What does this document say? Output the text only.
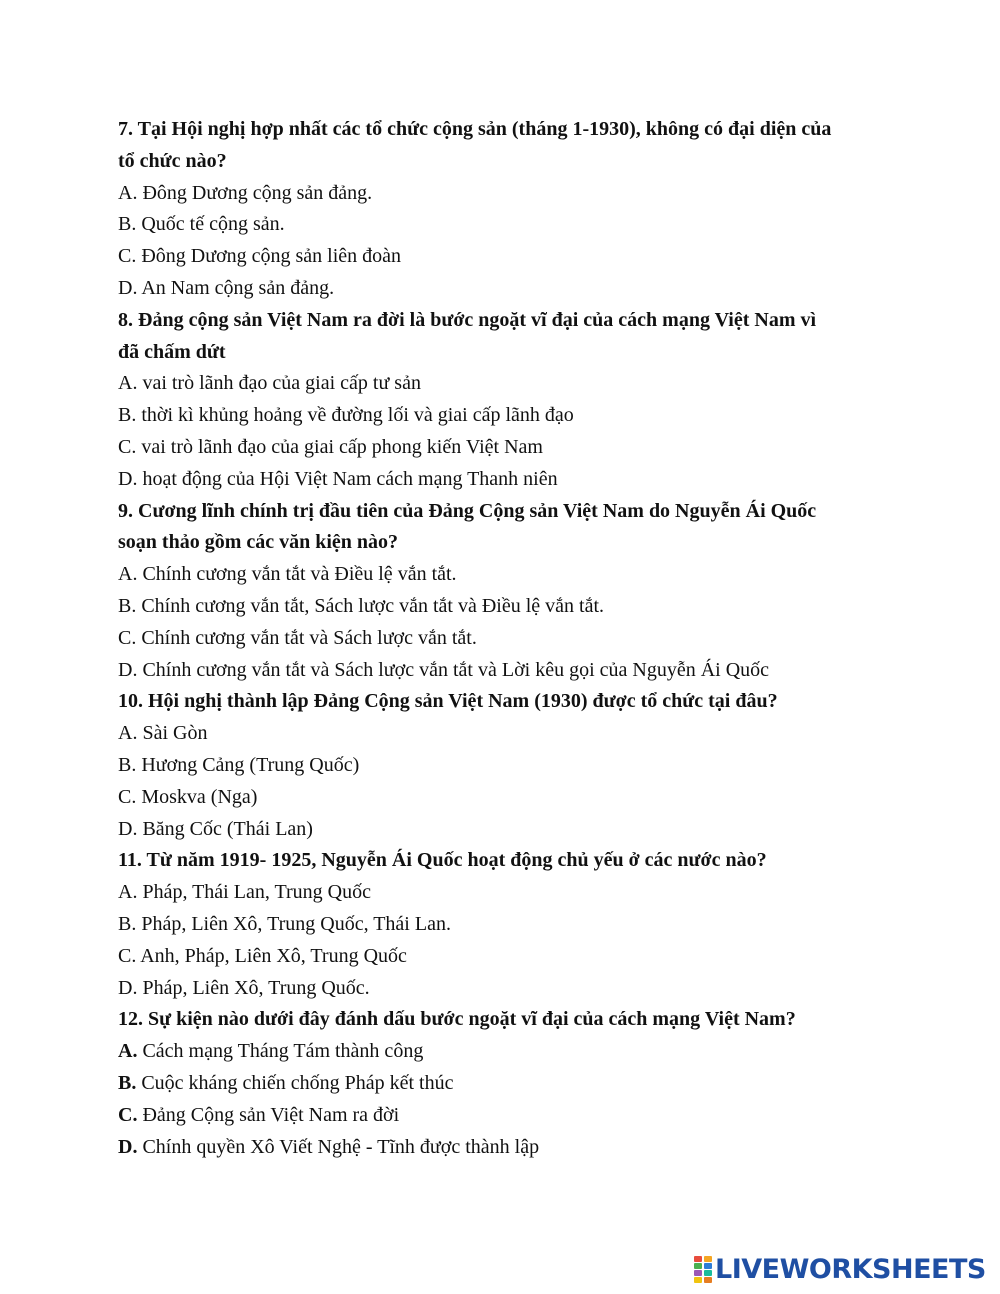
7. Tại Hội nghị hợp nhất các tổ chức cộng sản (tháng 1-1930), không có đại diện của
tổ chức nào?
A. Đông Dương cộng sản đảng.
B. Quốc tế cộng sản.
C. Đông Dương cộng sản liên đoàn
D. An Nam cộng sản đảng.
8. Đảng cộng sản Việt Nam ra đời là bước ngoặt vĩ đại của cách mạng Việt Nam vì
đã chấm dứt
A. vai trò lãnh đạo của giai cấp tư sản
B. thời kì khủng hoảng về đường lối và giai cấp lãnh đạo
C. vai trò lãnh đạo của giai cấp phong kiến Việt Nam
D. hoạt động của Hội Việt Nam cách mạng Thanh niên
9. Cương lĩnh chính trị đầu tiên của Đảng Cộng sản Việt Nam do Nguyễn Ái Quốc
soạn thảo gồm các văn kiện nào?
A. Chính cương vắn tắt và Điều lệ vắn tắt.
B. Chính cương vắn tắt, Sách lược vắn tắt và Điều lệ vắn tắt.
C. Chính cương vắn tắt và Sách lược vắn tắt.
D. Chính cương vắn tắt và Sách lược vắn tắt và Lời kêu gọi của Nguyễn Ái Quốc
10. Hội nghị thành lập Đảng Cộng sản Việt Nam (1930) được tổ chức tại đâu?
A. Sài Gòn
B. Hương Cảng (Trung Quốc)
C. Moskva (Nga)
D. Băng Cốc (Thái Lan)
11. Từ năm 1919- 1925, Nguyễn Ái Quốc hoạt động chủ yếu ở các nước nào?
A. Pháp, Thái Lan, Trung Quốc
B. Pháp, Liên Xô, Trung Quốc, Thái Lan.
C. Anh, Pháp, Liên Xô, Trung Quốc
D. Pháp, Liên Xô, Trung Quốc.
12. Sự kiện nào dưới đây đánh dấu bước ngoặt vĩ đại của cách mạng Việt Nam?
A. Cách mạng Tháng Tám thành công
B. Cuộc kháng chiến chống Pháp kết thúc
C. Đảng Cộng sản Việt Nam ra đời
D. Chính quyền Xô Viết Nghệ - Tĩnh được thành lập
LIVEWORKSHEETS
